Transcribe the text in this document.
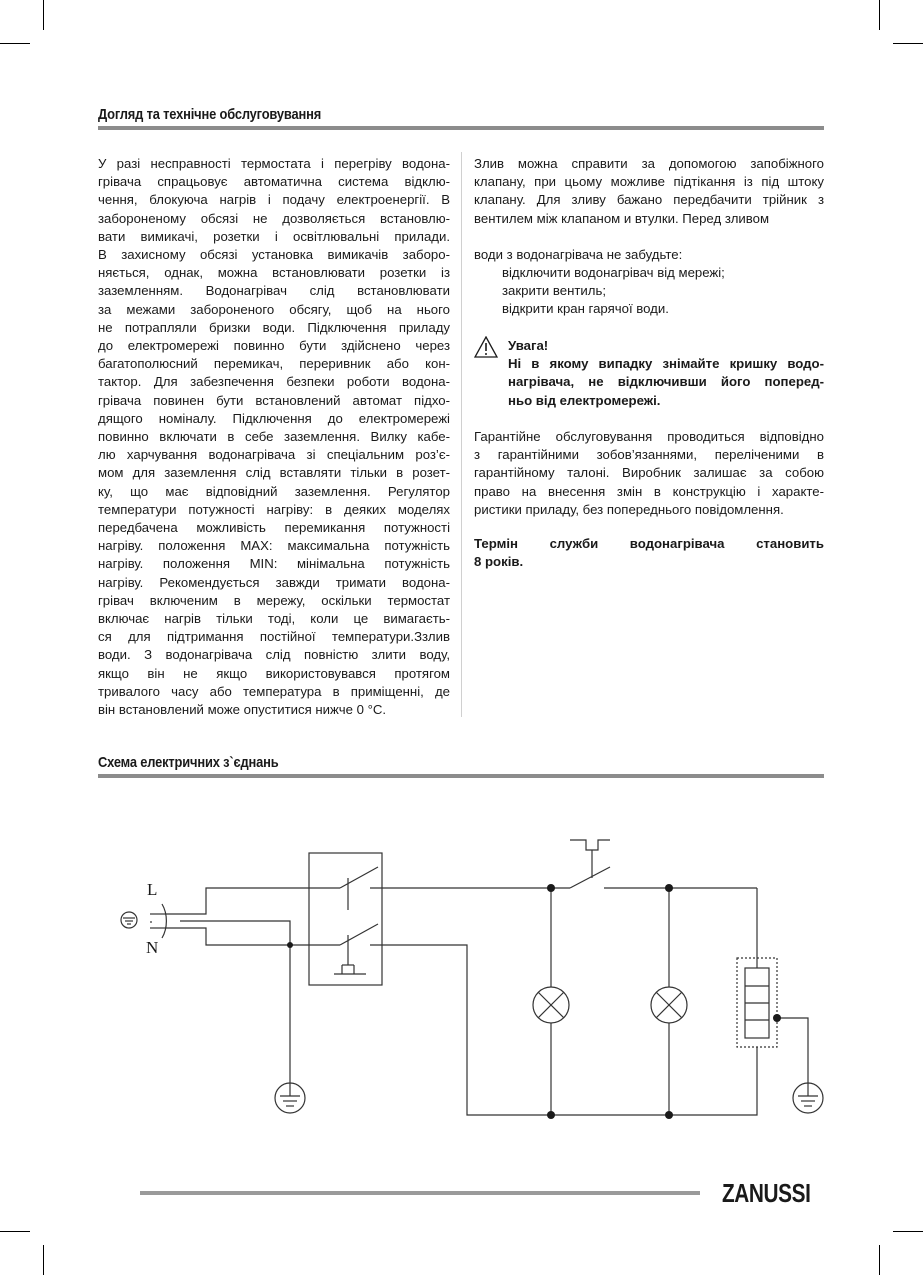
Догляд та технічне обслуговування

У разі несправності термостата і перегріву водона-

грівача спрацьовує автоматична система відклю-

чення, блокуюча нагрів і подачу електроенергії. В

забороненому обсязі не дозволяється встановлю-

вати вимикачі, розетки і освітлювальні прилади.

В захисному обсязі установка вимикачів заборо-

няється, однак, можна встановлювати розетки із

заземленням. Водонагрівач слід встановлювати

за межами забороненого обсягу, щоб на нього

не потрапляли бризки води. Підключення приладу

до електромережі повинно бути здійснено через

багатополюсний перемикач, переривник або кон-

тактор. Для забезпечення безпеки роботи водона-

грівача повинен бути встановлений автомат підхо-

дящого номіналу. Підключення до електромережі

повинно включати в себе заземлення. Вилку кабе-

лю харчування водонагрівача зі спеціальним роз’є-

мом для заземлення слід вставляти тільки в розет-

ку, що має відповідний заземлення. Регулятор

температури потужності нагріву: в деяких моделях

передбачена можливість перемикання потужності

нагріву. положення MAX: максимальна потужність

нагріву. положення MIN: мінімальна потужність

нагріву. Рекомендується завжди тримати водона-

грівач включеним в мережу, оскільки термостат

включає нагрів тільки тоді, коли це вимагаєть-

ся для підтримання постійної температури.Ззлив

води. З водонагрівача слід повністю злити воду,

якщо він не якщо використовувався протягом

тривалого часу або температура в приміщенні, де

він встановлений може опуститися нижче 0 °С.

Злив можна справити за допомогою запобіжного

клапану, при цьому можливе підтікання із під штоку

клапану. Для зливу бажано передбачити трійник з

вентилем між клапаном и втулки. Перед зливом

води з водонагрівача не забудьте:

відключити водонагрівач від мережі;

закрити вентиль;

відкрити кран гарячої води.

Увага!

Ні в якому випадку знімайте кришку водо-

нагрівача, не відключивши його поперед-

ньо від електромережі.

Гарантійне обслуговування проводиться відповідно

з гарантійними зобов’язаннями, переліченими в

гарантійному талоні. Виробник залишає за собою

право на внесення змін в конструкцію і характе-

ристики приладу, без попереднього повідомлення.

Термін служби водонагрівача становить

8 років.

Схема електричних з`єднань
L
N
ZANUSSI
